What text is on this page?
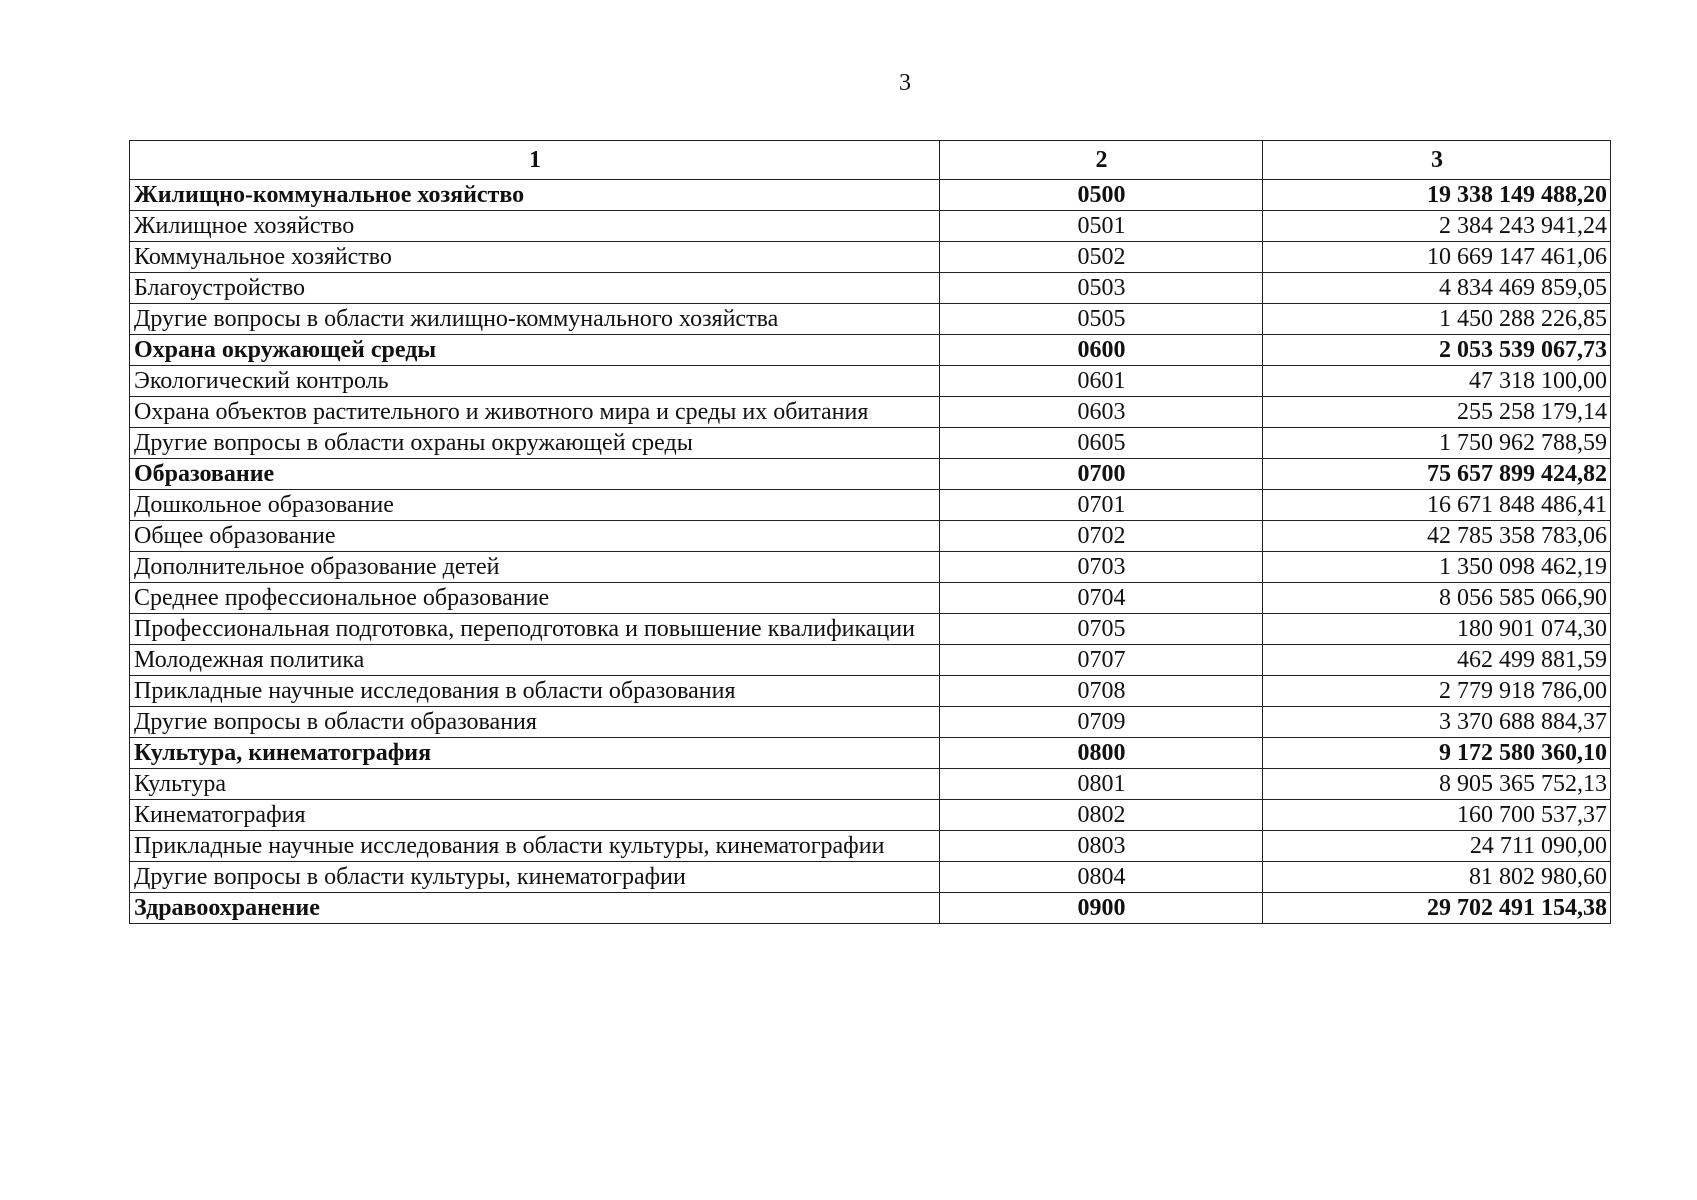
3
1	2	3
Жилищно-коммунальное хозяйство	0500	19 338 149 488,20
Жилищное хозяйство	0501	2 384 243 941,24
Коммунальное хозяйство	0502	10 669 147 461,06
Благоустройство	0503	4 834 469 859,05
Другие вопросы в области жилищно-коммунального хозяйства	0505	1 450 288 226,85
Охрана окружающей среды	0600	2 053 539 067,73
Экологический контроль	0601	47 318 100,00
Охрана объектов растительного и животного мира и среды их обитания	0603	255 258 179,14
Другие вопросы в области охраны окружающей среды	0605	1 750 962 788,59
Образование	0700	75 657 899 424,82
Дошкольное образование	0701	16 671 848 486,41
Общее образование	0702	42 785 358 783,06
Дополнительное образование детей	0703	1 350 098 462,19
Среднее профессиональное образование	0704	8 056 585 066,90
Профессиональная подготовка, переподготовка и повышение квалификации	0705	180 901 074,30
Молодежная политика	0707	462 499 881,59
Прикладные научные исследования в области образования	0708	2 779 918 786,00
Другие вопросы в области образования	0709	3 370 688 884,37
Культура, кинематография	0800	9 172 580 360,10
Культура	0801	8 905 365 752,13
Кинематография	0802	160 700 537,37
Прикладные научные исследования в области культуры, кинематографии	0803	24 711 090,00
Другие вопросы в области культуры, кинематографии	0804	81 802 980,60
Здравоохранение	0900	29 702 491 154,38
